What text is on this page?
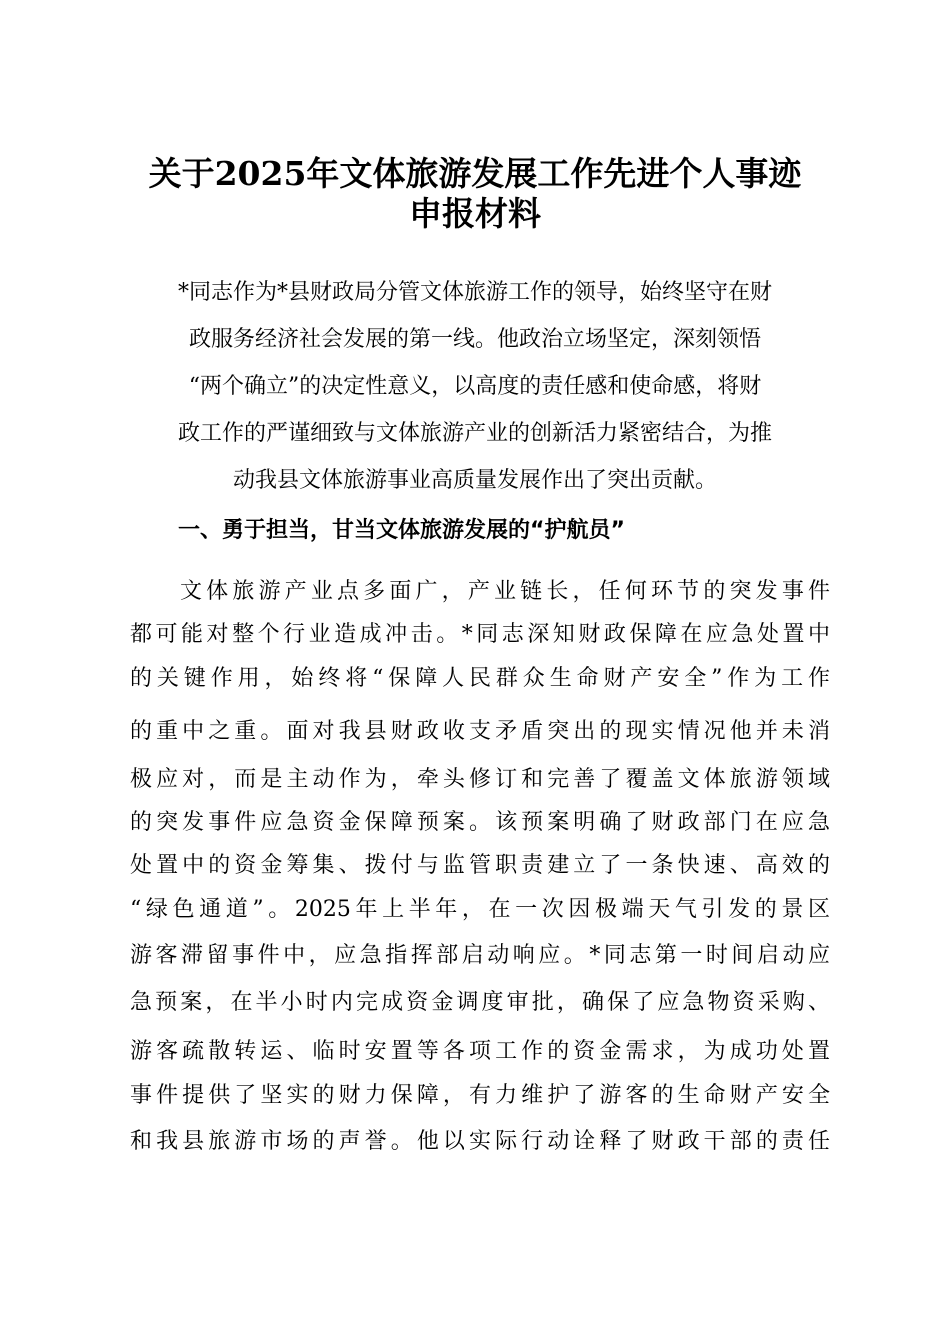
关于2025年文体旅游发展工作先进个人事迹
申报材料

*同志作为*县财政局分管文体旅游工作的领导，始终坚守在财

政服务经济社会发展的第一线。他政治立场坚定，深刻领悟

“两个确立”的决定性意义，以高度的责任感和使命感，将财

政工作的严谨细致与文体旅游产业的创新活力紧密结合，为推

动我县文体旅游事业高质量发展作出了突出贡献。

一、勇于担当，甘当文体旅游发展的“护航员”

文体旅游产业点多面广，产业链长，任何环节的突发事件

都可能对整个行业造成冲击。*同志深知财政保障在应急处置中

的关键作用，始终将“保障人民群众生命财产安全”作为工作

的重中之重。面对我县财政收支矛盾突出的现实情况他并未消

极应对，而是主动作为，牵头修订和完善了覆盖文体旅游领域

的突发事件应急资金保障预案。该预案明确了财政部门在应急

处置中的资金筹集、拨付与监管职责建立了一条快速、高效的

“绿色通道”。2025年上半年，在一次因极端天气引发的景区

游客滞留事件中，应急指挥部启动响应。*同志第一时间启动应

急预案，在半小时内完成资金调度审批，确保了应急物资采购、

游客疏散转运、临时安置等各项工作的资金需求，为成功处置

事件提供了坚实的财力保障，有力维护了游客的生命财产安全

和我县旅游市场的声誉。他以实际行动诠释了财政干部的责任
